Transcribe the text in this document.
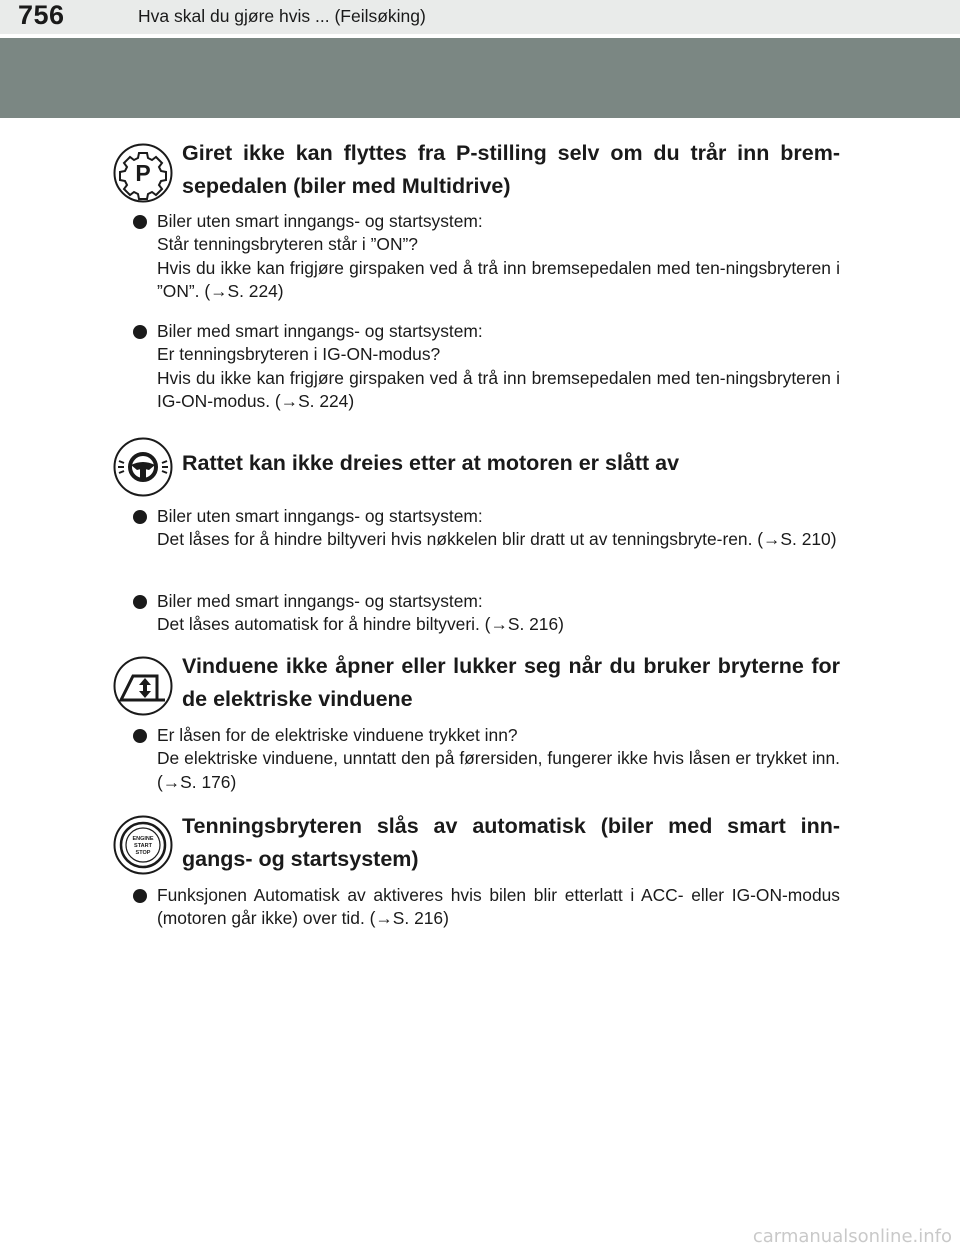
756	Hva skal du gjøre hvis ... (Feilsøking)
P
Giret ikke kan flyttes fra P-stilling selv om du trår inn brem-sepedalen (biler med Multidrive)
Biler uten smart inngangs- og startsystem:
Står tenningsbryteren står i ”ON”?
Hvis du ikke kan frigjøre girspaken ved å trå inn bremsepedalen med ten-ningsbryteren i ”ON”. (→S. 224)
Biler med smart inngangs- og startsystem:
Er tenningsbryteren i IG-ON-modus?
Hvis du ikke kan frigjøre girspaken ved å trå inn bremsepedalen med ten-ningsbryteren i IG-ON-modus. (→S. 224)
Rattet kan ikke dreies etter at motoren er slått av
Biler uten smart inngangs- og startsystem:
Det låses for å hindre biltyveri hvis nøkkelen blir dratt ut av tenningsbryte-ren. (→S. 210)
Biler med smart inngangs- og startsystem:
Det låses automatisk for å hindre biltyveri. (→S. 216)
Vinduene ikke åpner eller lukker seg når du bruker bryterne for de elektriske vinduene
Er låsen for de elektriske vinduene trykket inn?
De elektriske vinduene, unntatt den på førersiden, fungerer ikke hvis låsen er trykket inn. (→S. 176)
ENGINE
START
STOP
Tenningsbryteren slås av automatisk (biler med smart inn-gangs- og startsystem)
Funksjonen Automatisk av aktiveres hvis bilen blir etterlatt i ACC- eller IG-ON-modus (motoren går ikke) over tid. (→S. 216)
carmanualsonline.info
